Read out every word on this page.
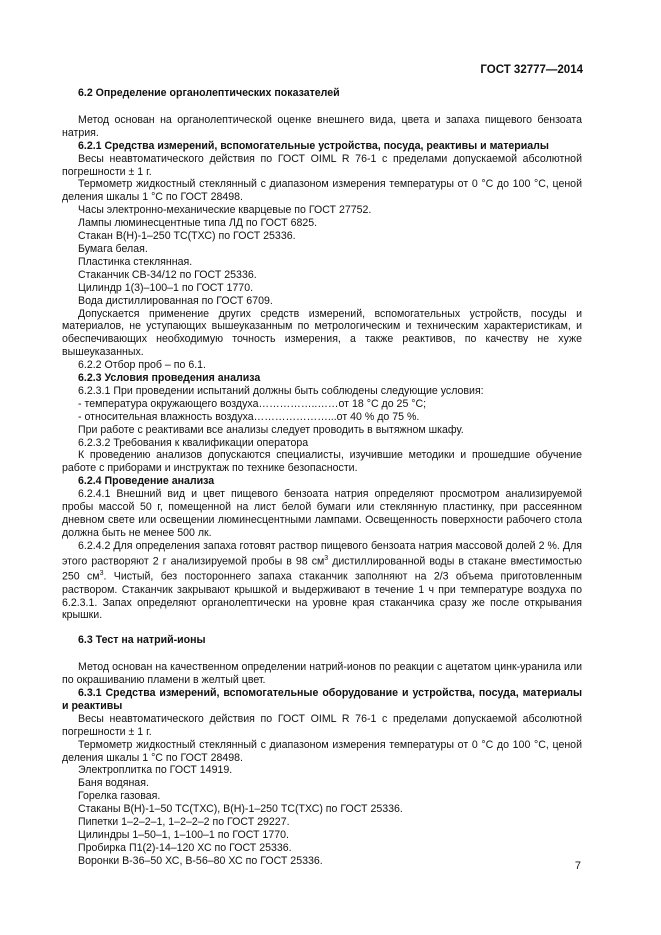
ГОСТ 32777—2014

6.2 Определение органолептических показателей

Метод основан на органолептической оценке внешнего вида, цвета и запаха пищевого бензоата натрия.

6.2.1 Средства измерений, вспомогательные устройства, посуда, реактивы и материалы

Весы неавтоматического действия по ГОСТ OIML R 76-1 с пределами допускаемой абсолютной погрешности ± 1 г.

Термометр жидкостный стеклянный с диапазоном измерения температуры от 0 °С до 100 °С, ценой деления шкалы 1 °С по ГОСТ 28498.

Часы электронно-механические кварцевые по ГОСТ 27752.

Лампы люминесцентные типа ЛД по ГОСТ 6825.

Стакан В(Н)-1–250 ТС(ТХС) по ГОСТ 25336.

Бумага белая.

Пластинка стеклянная.

Стаканчик СВ-34/12 по ГОСТ 25336.

Цилиндр 1(3)–100–1 по ГОСТ 1770.

Вода дистиллированная по ГОСТ 6709.

Допускается применение других средств измерений, вспомогательных устройств, посуды и материалов, не уступающих вышеуказанным по метрологическим и техническим характеристикам, и обеспечивающих необходимую точность измерения, а также реактивов, по качеству не хуже вышеуказанных.

6.2.2 Отбор проб – по 6.1.

6.2.3 Условия проведения анализа

6.2.3.1 При проведении испытаний должны быть соблюдены следующие условия:

- температура окружающего воздуха……………..……от 18 °С до 25 °С;

- относительная влажность воздуха…………………...от 40 % до 75 %.

При работе с реактивами все анализы следует проводить в вытяжном шкафу.

6.2.3.2 Требования к квалификации оператора

К проведению анализов допускаются специалисты, изучившие методики и прошедшие обучение работе с приборами и инструктаж по технике безопасности.

6.2.4 Проведение анализа

6.2.4.1 Внешний вид и цвет пищевого бензоата натрия определяют просмотром анализируемой пробы массой 50 г, помещенной на лист белой бумаги или стеклянную пластинку, при рассеянном дневном свете или освещении люминесцентными лампами. Освещенность поверхности рабочего стола должна быть не менее 500 лк.

6.2.4.2 Для определения запаха готовят раствор пищевого бензоата натрия массовой долей 2 %. Для этого растворяют 2 г анализируемой пробы в 98 $см^3$ дистиллированной воды в стакане вместимостью 250 $см^3$. Чистый, без постороннего запаха стаканчик заполняют на 2/3 объема приготовленным раствором. Стаканчик закрывают крышкой и выдерживают в течение 1 ч при температуре воздуха по 6.2.3.1. Запах определяют органолептически на уровне края стаканчика сразу же после открывания крышки.

6.3 Тест на натрий-ионы

Метод основан на качественном определении натрий-ионов по реакции с ацетатом цинк-уранила или по окрашиванию пламени в желтый цвет.

6.3.1 Средства измерений, вспомогательные оборудование и устройства, посуда, материалы и реактивы

Весы неавтоматического действия по ГОСТ OIML R 76-1 с пределами допускаемой абсолютной погрешности ± 1 г.

Термометр жидкостный стеклянный с диапазоном измерения температуры от 0 °С до 100 °С, ценой деления шкалы 1 °С по ГОСТ 28498.

Электроплитка по ГОСТ 14919.

Баня водяная.

Горелка газовая.

Стаканы В(Н)-1–50 ТС(ТХС), В(Н)-1–250 ТС(ТХС) по ГОСТ 25336.

Пипетки 1–2–2–1, 1–2–2–2 по ГОСТ 29227.

Цилиндры 1–50–1, 1–100–1 по ГОСТ 1770.

Пробирка П1(2)-14–120 ХС по ГОСТ 25336.

Воронки В-36–50 ХС, В-56–80 ХС по ГОСТ 25336.	7
